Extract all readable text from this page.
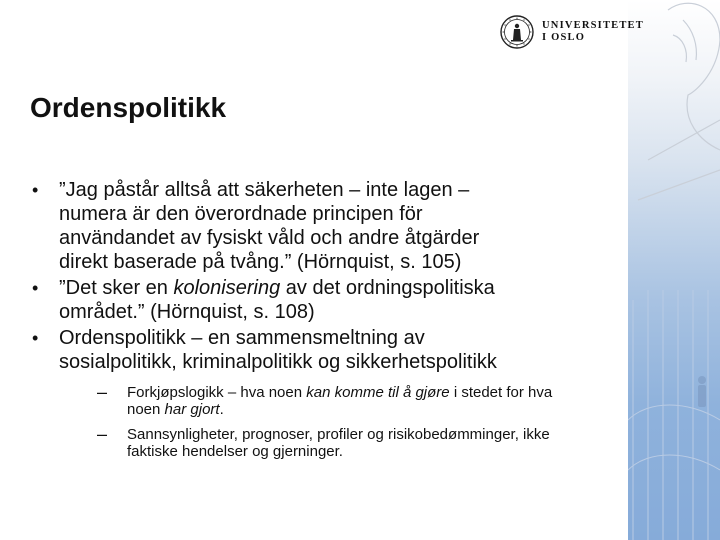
UNIVERSITETET
I OSLO
Ordenspolitikk
• ”Jag påstår alltså att säkerheten – inte lagen –
numera är den överordnade principen för
användandet av fysiskt våld och andre åtgärder
direkt baserade på tvång.” (Hörnquist, s. 105)
• ”Det sker en kolonisering av det ordningspolitiska
området.” (Hörnquist, s. 108)
• Ordenspolitikk – en sammensmeltning av
sosialpolitikk, kriminalpolitikk og sikkerhetspolitikk
– Forkjøpslogikk – hva noen kan komme til å gjøre i stedet for hva
noen har gjort.
– Sannsynligheter, prognoser, profiler og risikobedømminger, ikke
faktiske hendelser og gjerninger.
